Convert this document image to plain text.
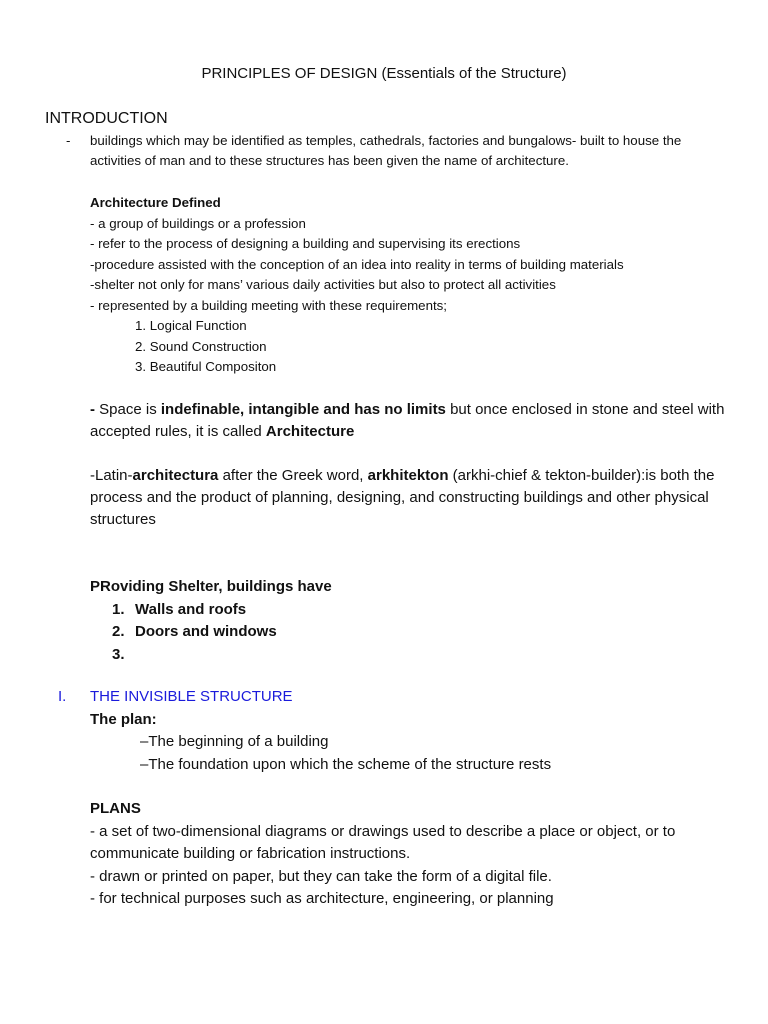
PRINCIPLES OF DESIGN (Essentials of the Structure)
INTRODUCTION
- buildings which may be identified as temples, cathedrals, factories and bungalows- built to house the activities of man and to these structures has been given the name of architecture.
Architecture Defined
- a group of buildings or a profession
- refer to the process of designing a building and supervising its erections
-procedure assisted with the conception of an idea into reality in terms of building materials
-shelter not only for mans’ various daily activities but also to protect all activities
- represented by a building meeting with these requirements;
1. Logical Function
2. Sound Construction
3. Beautiful Compositon
- Space is indefinable, intangible and has no limits but once enclosed in stone and steel with accepted rules, it is called Architecture
-Latin-architectura after the Greek word, arkhitekton (arkhi-chief & tekton-builder):is both the process and the product of planning, designing, and constructing buildings and other physical structures
PRoviding Shelter, buildings have
1. Walls and roofs
2. Doors and windows
3.
I. THE INVISIBLE STRUCTURE
The plan:
–The beginning of a building
–The foundation upon which the scheme of the structure rests
PLANS
- a set of two-dimensional diagrams or drawings used to describe a place or object, or to communicate building or fabrication instructions.
- drawn or printed on paper, but they can take the form of a digital file.
- for technical purposes such as architecture, engineering, or planning
